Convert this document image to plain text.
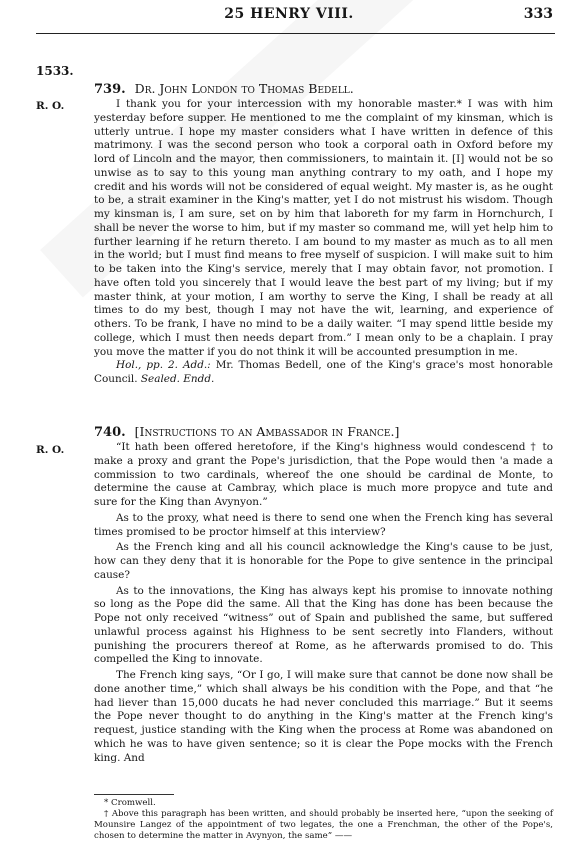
25 HENRY VIII.	333
1533.
739. Dr. John London to Thomas Bedell.
R. O.	I thank you for your intercession with my honorable master.* I was with him yesterday before supper. He mentioned to me the complaint of my kinsman, which is utterly untrue. I hope my master considers what I have written in defence of this matrimony. I was the second person who took a corporal oath in Oxford before my lord of Lincoln and the mayor, then commissioners, to maintain it. [I] would not be so unwise as to say to this young man anything contrary to my oath, and I hope my credit and his words will not be considered of equal weight. My master is, as he ought to be, a strait examiner in the King's matter, yet I do not mistrust his wisdom. Though my kinsman is, I am sure, set on by him that laboreth for my farm in Hornchurch, I shall be never the worse to him, but if my master so command me, will yet help him to further learning if he return thereto. I am bound to my master as much as to all men in the world; but I must find means to free myself of suspicion. I will make suit to him to be taken into the King's service, merely that I may obtain favor, not promotion. I have often told you sincerely that I would leave the best part of my living; but if my master think, at your motion, I am worthy to serve the King, I shall be ready at all times to do my best, though I may not have the wit, learning, and experience of others. To be frank, I have no mind to be a daily waiter. “I may spend little beside my college, which I must then needs depart from.” I mean only to be a chaplain. I pray you move the matter if you do not think it will be accounted presumption in me.

Hol., pp. 2. Add.: Mr. Thomas Bedell, one of the King's grace's most honorable Council. Sealed. Endd.

740. [Instructions to an Ambassador in France.]
R. O.	“It hath been offered heretofore, if the King's highness would condescend † to make a proxy and grant the Pope's jurisdiction, that the Pope would then 'a made a commission to two cardinals, whereof the one should be cardinal de Monte, to determine the cause at Cambray, which place is much more propyce and tute and sure for the King than Avynyon.”

As to the proxy, what need is there to send one when the French king has several times promised to be proctor himself at this interview?

As the French king and all his council acknowledge the King's cause to be just, how can they deny that it is honorable for the Pope to give sentence in the principal cause?

As to the innovations, the King has always kept his promise to innovate nothing so long as the Pope did the same. All that the King has done has been because the Pope not only received “witness” out of Spain and published the same, but suffered unlawful process against his Highness to be sent secretly into Flanders, without punishing the procurers thereof at Rome, as he afterwards promised to do. This compelled the King to innovate.

The French king says, “Or I go, I will make sure that cannot be done now shall be done another time,” which shall always be his condition with the Pope, and that “he had liever than 15,000 ducats he had never concluded this marriage.” But it seems the Pope never thought to do anything in the King's matter at the French king's request, justice standing with the King when the process at Rome was abandoned on which he was to have given sentence; so it is clear the Pope mocks with the French king. And

* Cromwell.

† Above this paragraph has been written, and should probably be inserted here, “upon the seeking of Mounsire Langez of the appointment of two legates, the one a Frenchman, the other of the Pope's, chosen to determine the matter in Avynyon, the same” ——
